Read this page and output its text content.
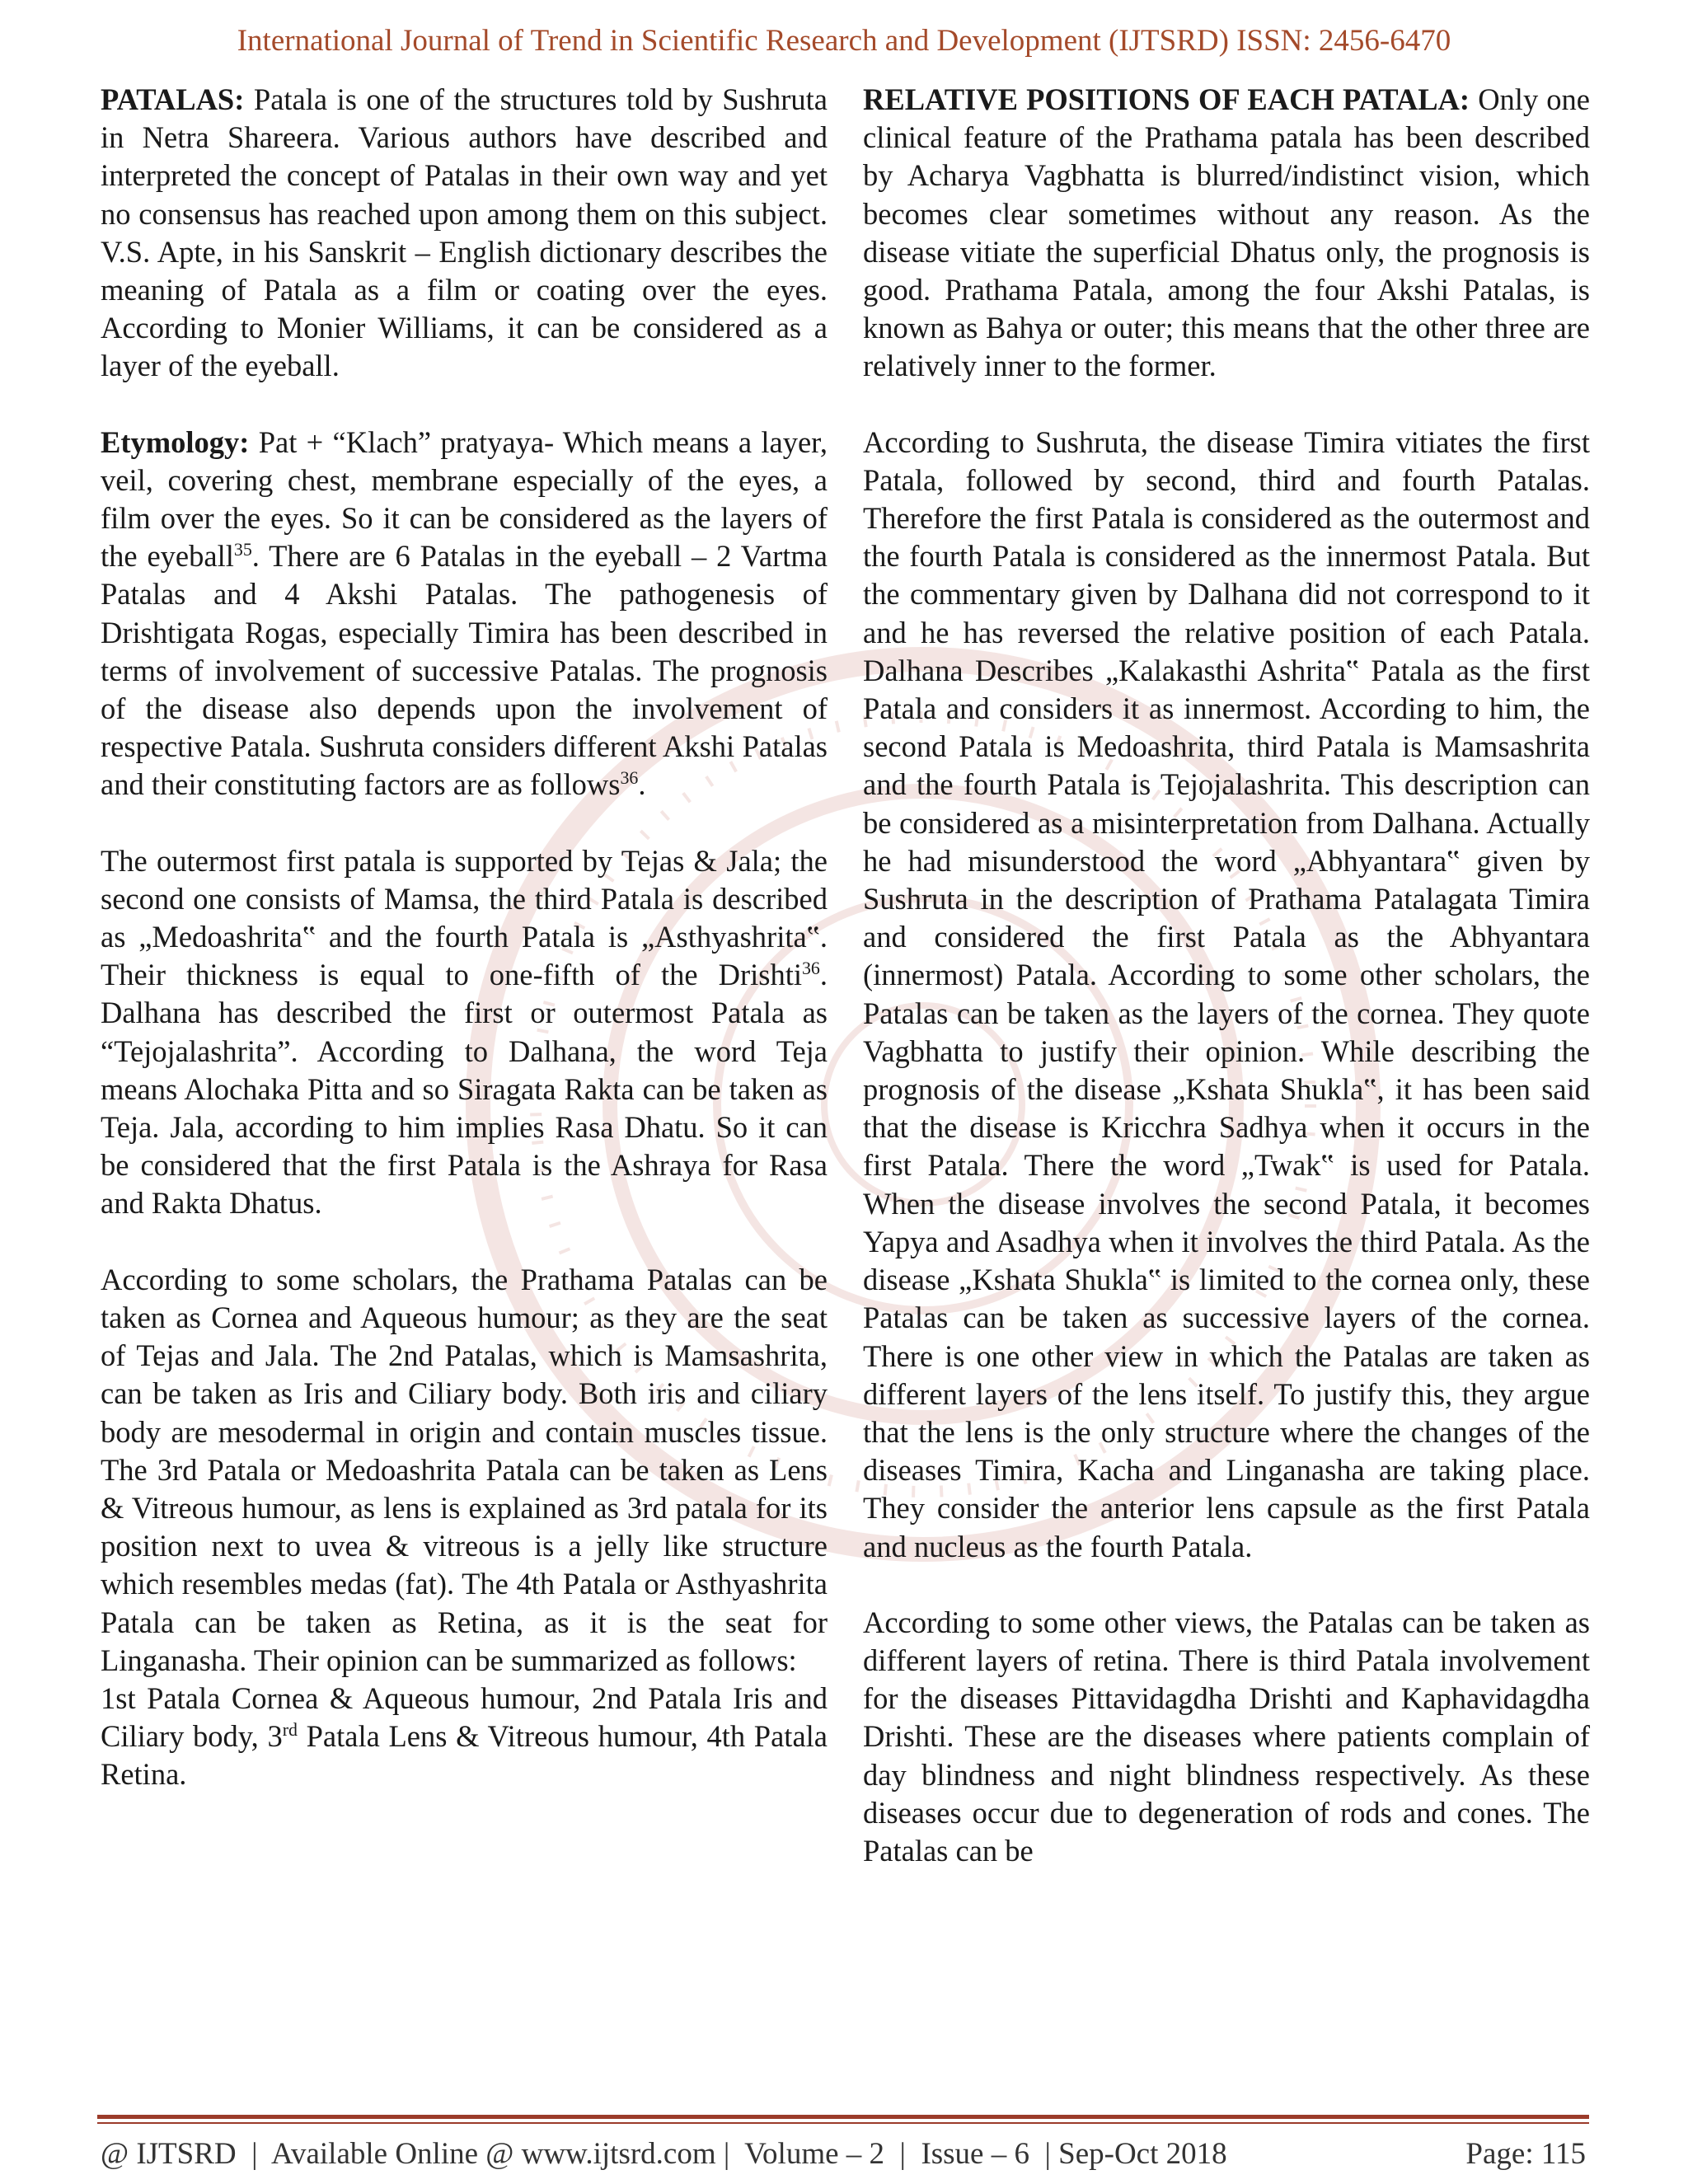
International Journal of Trend in Scientific Research and Development (IJTSRD) ISSN: 2456-6470

PATALAS: Patala is one of the structures told by Sushruta in Netra Shareera. Various authors have described and interpreted the concept of Patalas in their own way and yet no consensus has reached upon among them on this subject. V.S. Apte, in his Sanskrit – English dictionary describes the meaning of Patala as a film or coating over the eyes. According to Monier Williams, it can be considered as a layer of the eyeball.

Etymology: Pat + “Klach” pratyaya- Which means a layer, veil, covering chest, membrane especially of the eyes, a film over the eyes. So it can be considered as the layers of the eyeball$^{35}$. There are 6 Patalas in the eyeball – 2 Vartma Patalas and 4 Akshi Patalas. The pathogenesis of Drishtigata Rogas, especially Timira has been described in terms of involvement of successive Patalas. The prognosis of the disease also depends upon the involvement of respective Patala. Sushruta considers different Akshi Patalas and their constituting factors are as follows$^{36}$.

The outermost first patala is supported by Tejas & Jala; the second one consists of Mamsa, the third Patala is described as „Medoashrita‟ and the fourth Patala is „Asthyashrita‟. Their thickness is equal to one-fifth of the Drishti$^{36}$. Dalhana has described the first or outermost Patala as “Tejojalashrita”. According to Dalhana, the word Teja means Alochaka Pitta and so Siragata Rakta can be taken as Teja. Jala, according to him implies Rasa Dhatu. So it can be considered that the first Patala is the Ashraya for Rasa and Rakta Dhatus.

According to some scholars, the Prathama Patalas can be taken as Cornea and Aqueous humour; as they are the seat of Tejas and Jala. The 2nd Patalas, which is Mamsashrita, can be taken as Iris and Ciliary body. Both iris and ciliary body are mesodermal in origin and contain muscles tissue. The 3rd Patala or Medoashrita Patala can be taken as Lens & Vitreous humour, as lens is explained as 3rd patala for its position next to uvea & vitreous is a jelly like structure which resembles medas (fat). The 4th Patala or Asthyashrita Patala can be taken as Retina, as it is the seat for Linganasha. Their opinion can be summarized as follows:

1st Patala Cornea & Aqueous humour, 2nd Patala Iris and Ciliary body, 3rd Patala Lens & Vitreous humour, 4th Patala Retina.

RELATIVE POSITIONS OF EACH PATALA: Only one clinical feature of the Prathama patala has been described by Acharya Vagbhatta is blurred/indistinct vision, which becomes clear sometimes without any reason. As the disease vitiate the superficial Dhatus only, the prognosis is good. Prathama Patala, among the four Akshi Patalas, is known as Bahya or outer; this means that the other three are relatively inner to the former.

According to Sushruta, the disease Timira vitiates the first Patala, followed by second, third and fourth Patalas. Therefore the first Patala is considered as the outermost and the fourth Patala is considered as the innermost Patala. But the commentary given by Dalhana did not correspond to it and he has reversed the relative position of each Patala. Dalhana Describes „Kalakasthi Ashrita‟ Patala as the first Patala and considers it as innermost. According to him, the second Patala is Medoashrita, third Patala is Mamsashrita and the fourth Patala is Tejojalashrita. This description can be considered as a misinterpretation from Dalhana. Actually he had misunderstood the word „Abhyantara‟ given by Sushruta in the description of Prathama Patalagata Timira and considered the first Patala as the Abhyantara (innermost) Patala. According to some other scholars, the Patalas can be taken as the layers of the cornea. They quote Vagbhatta to justify their opinion. While describing the prognosis of the disease „Kshata Shukla‟, it has been said that the disease is Kricchra Sadhya when it occurs in the first Patala. There the word „Twak‟ is used for Patala. When the disease involves the second Patala, it becomes Yapya and Asadhya when it involves the third Patala. As the disease „Kshata Shukla‟ is limited to the cornea only, these Patalas can be taken as successive layers of the cornea. There is one other view in which the Patalas are taken as different layers of the lens itself. To justify this, they argue that the lens is the only structure where the changes of the diseases Timira, Kacha and Linganasha are taking place. They consider the anterior lens capsule as the first Patala and nucleus as the fourth Patala.

According to some other views, the Patalas can be taken as different layers of retina. There is third Patala involvement for the diseases Pittavidagdha Drishti and Kaphavidagdha Drishti. These are the diseases where patients complain of day blindness and night blindness respectively. As these diseases occur due to degeneration of rods and cones. The Patalas can be

@ IJTSRD  |  Available Online @ www.ijtsrd.com |  Volume – 2  |  Issue – 6  | Sep-Oct 2018	Page: 115
